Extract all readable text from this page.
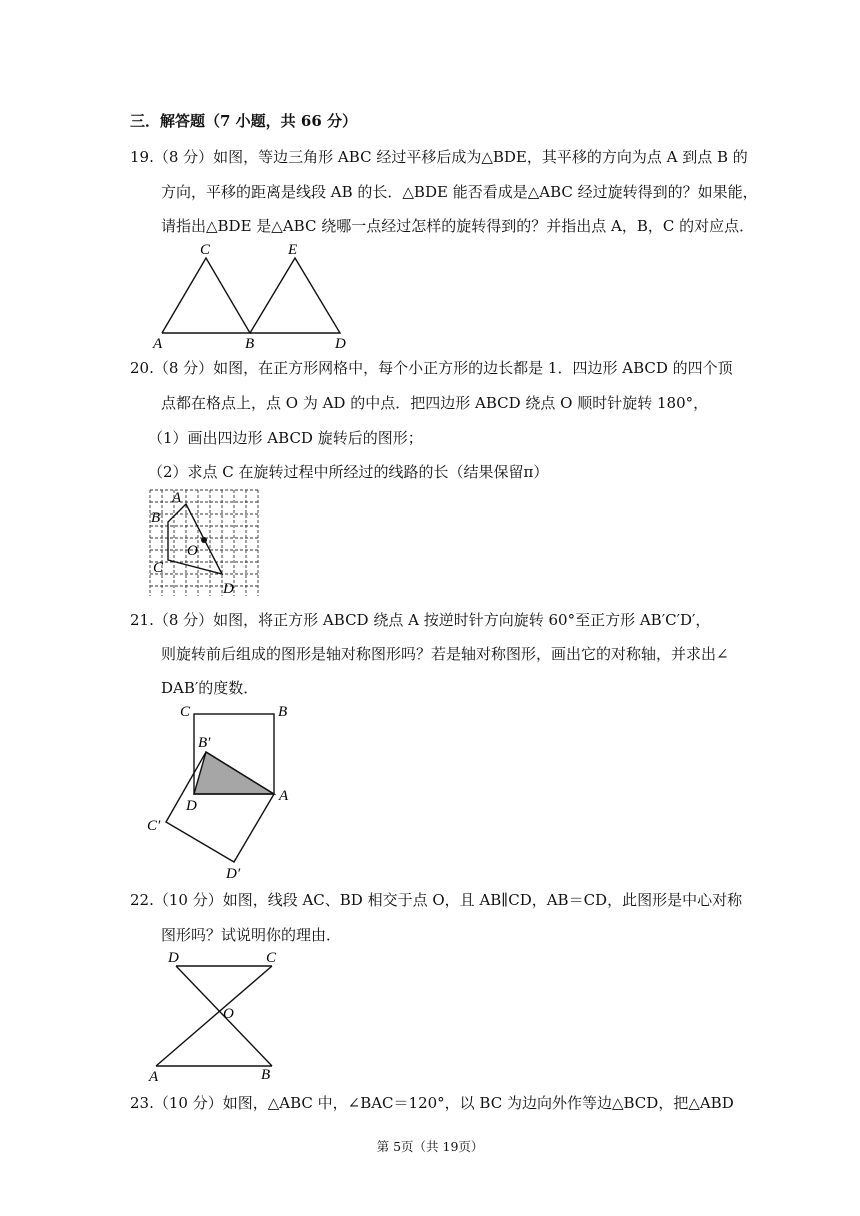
三．解答题（7 小题，共 66 分）
19.（8 分）如图，等边三角形 ABC 经过平移后成为△BDE，其平移的方向为点 A 到点 B 的
方向，平移的距离是线段 AB 的长．△BDE 能否看成是△ABC 经过旋转得到的？如果能，
请指出△BDE 是△ABC 绕哪一点经过怎样的旋转得到的？并指出点 A，B，C 的对应点．
C	E
A	B	D
20.（8 分）如图，在正方形网格中，每个小正方形的边长都是 1．四边形 ABCD 的四个顶
点都在格点上，点 O 为 AD 的中点．把四边形 ABCD 绕点 O 顺时针旋转 180°，
（1）画出四边形 ABCD 旋转后的图形；
（2）求点 C 在旋转过程中所经过的线路的长（结果保留π）
A
B
O
C
D
21.（8 分）如图，将正方形 ABCD 绕点 A 按逆时针方向旋转 60°至正方形 AB′C′D′，
则旋转前后组成的图形是轴对称图形吗？若是轴对称图形，画出它的对称轴，并求出∠
DAB′的度数．
C	B
B′
D
A
C′
D′
22.（10 分）如图，线段 AC、BD 相交于点 O，且 AB∥CD，AB＝CD，此图形是中心对称
图形吗？试说明你的理由．
D	C
O
A	B
23.（10 分）如图，△ABC 中，∠BAC＝120°，以 BC 为边向外作等边△BCD，把△ABD
第 5页（共 19页）
